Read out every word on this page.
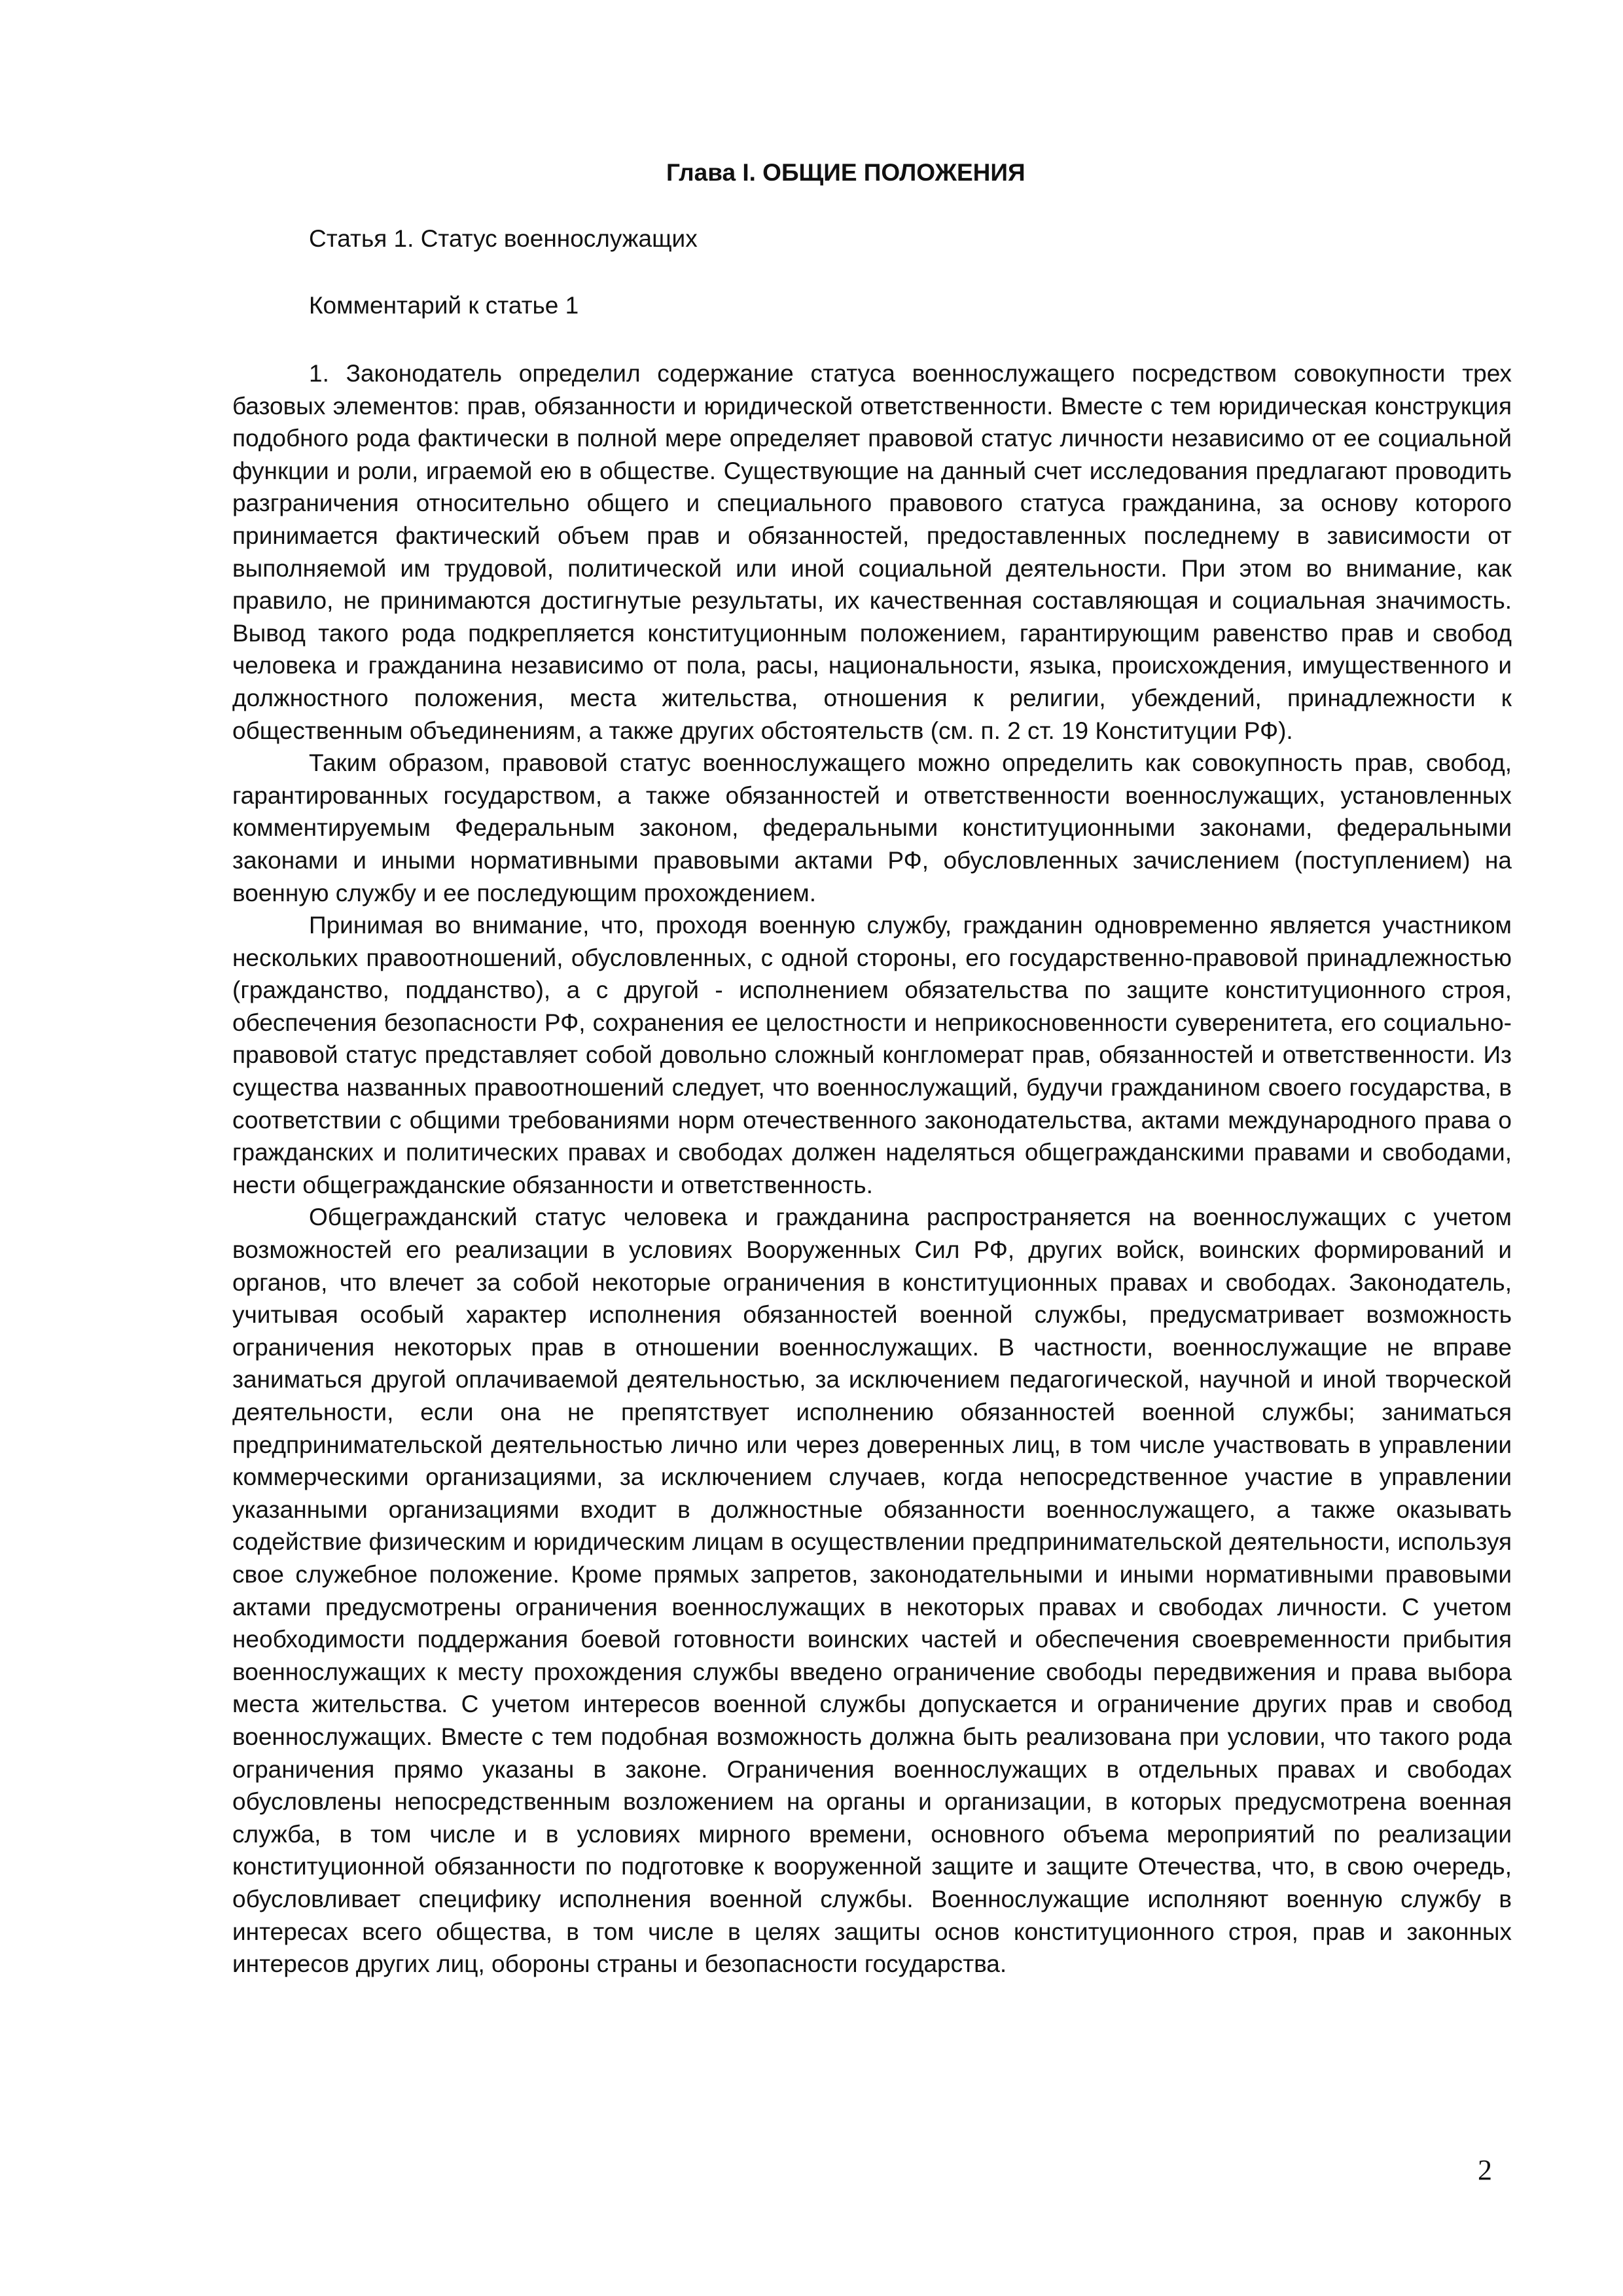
Глава I. ОБЩИЕ ПОЛОЖЕНИЯ

Статья 1. Статус военнослужащих

Комментарий к статье 1

1. Законодатель определил содержание статуса военнослужащего посредством совокупности трех базовых элементов: прав, обязанности и юридической ответственности. Вместе с тем юридическая конструкция подобного рода фактически в полной мере определяет правовой статус личности независимо от ее социальной функции и роли, играемой ею в обществе. Существующие на данный счет исследования предлагают проводить разграничения относительно общего и специального правового статуса гражданина, за основу которого принимается фактический объем прав и обязанностей, предоставленных последнему в зависимости от выполняемой им трудовой, политической или иной социальной деятельности. При этом во внимание, как правило, не принимаются достигнутые результаты, их качественная составляющая и социальная значимость. Вывод такого рода подкрепляется конституционным положением, гарантирующим равенство прав и свобод человека и гражданина независимо от пола, расы, национальности, языка, происхождения, имущественного и должностного положения, места жительства, отношения к религии, убеждений, принадлежности к общественным объединениям, а также других обстоятельств (см. п. 2 ст. 19 Конституции РФ).

Таким образом, правовой статус военнослужащего можно определить как совокупность прав, свобод, гарантированных государством, а также обязанностей и ответственности военнослужащих, установленных комментируемым Федеральным законом, федеральными конституционными законами, федеральными законами и иными нормативными правовыми актами РФ, обусловленных зачислением (поступлением) на военную службу и ее последующим прохождением.

Принимая во внимание, что, проходя военную службу, гражданин одновременно является участником нескольких правоотношений, обусловленных, с одной стороны, его государственно-правовой принадлежностью (гражданство, подданство), а с другой - исполнением обязательства по защите конституционного строя, обеспечения безопасности РФ, сохранения ее целостности и неприкосновенности суверенитета, его социально-правовой статус представляет собой довольно сложный конгломерат прав, обязанностей и ответственности. Из существа названных правоотношений следует, что военнослужащий, будучи гражданином своего государства, в соответствии с общими требованиями норм отечественного законодательства, актами международного права о гражданских и политических правах и свободах должен наделяться общегражданскими правами и свободами, нести общегражданские обязанности и ответственность.

Общегражданский статус человека и гражданина распространяется на военнослужащих с учетом возможностей его реализации в условиях Вооруженных Сил РФ, других войск, воинских формирований и органов, что влечет за собой некоторые ограничения в конституционных правах и свободах. Законодатель, учитывая особый характер исполнения обязанностей военной службы, предусматривает возможность ограничения некоторых прав в отношении военнослужащих. В частности, военнослужащие не вправе заниматься другой оплачиваемой деятельностью, за исключением педагогической, научной и иной творческой деятельности, если она не препятствует исполнению обязанностей военной службы; заниматься предпринимательской деятельностью лично или через доверенных лиц, в том числе участвовать в управлении коммерческими организациями, за исключением случаев, когда непосредственное участие в управлении указанными организациями входит в должностные обязанности военнослужащего, а также оказывать содействие физическим и юридическим лицам в осуществлении предпринимательской деятельности, используя свое служебное положение. Кроме прямых запретов, законодательными и иными нормативными правовыми актами предусмотрены ограничения военнослужащих в некоторых правах и свободах личности. С учетом необходимости поддержания боевой готовности воинских частей и обеспечения своевременности прибытия военнослужащих к месту прохождения службы введено ограничение свободы передвижения и права выбора места жительства. С учетом интересов военной службы допускается и ограничение других прав и свобод военнослужащих. Вместе с тем подобная возможность должна быть реализована при условии, что такого рода ограничения прямо указаны в законе. Ограничения военнослужащих в отдельных правах и свободах обусловлены непосредственным возложением на органы и организации, в которых предусмотрена военная служба, в том числе и в условиях мирного времени, основного объема мероприятий по реализации конституционной обязанности по подготовке к вооруженной защите и защите Отечества, что, в свою очередь, обусловливает специфику исполнения военной службы. Военнослужащие исполняют военную службу в интересах всего общества, в том числе в целях защиты основ конституционного строя, прав и законных интересов других лиц, обороны страны и безопасности государства.

2
